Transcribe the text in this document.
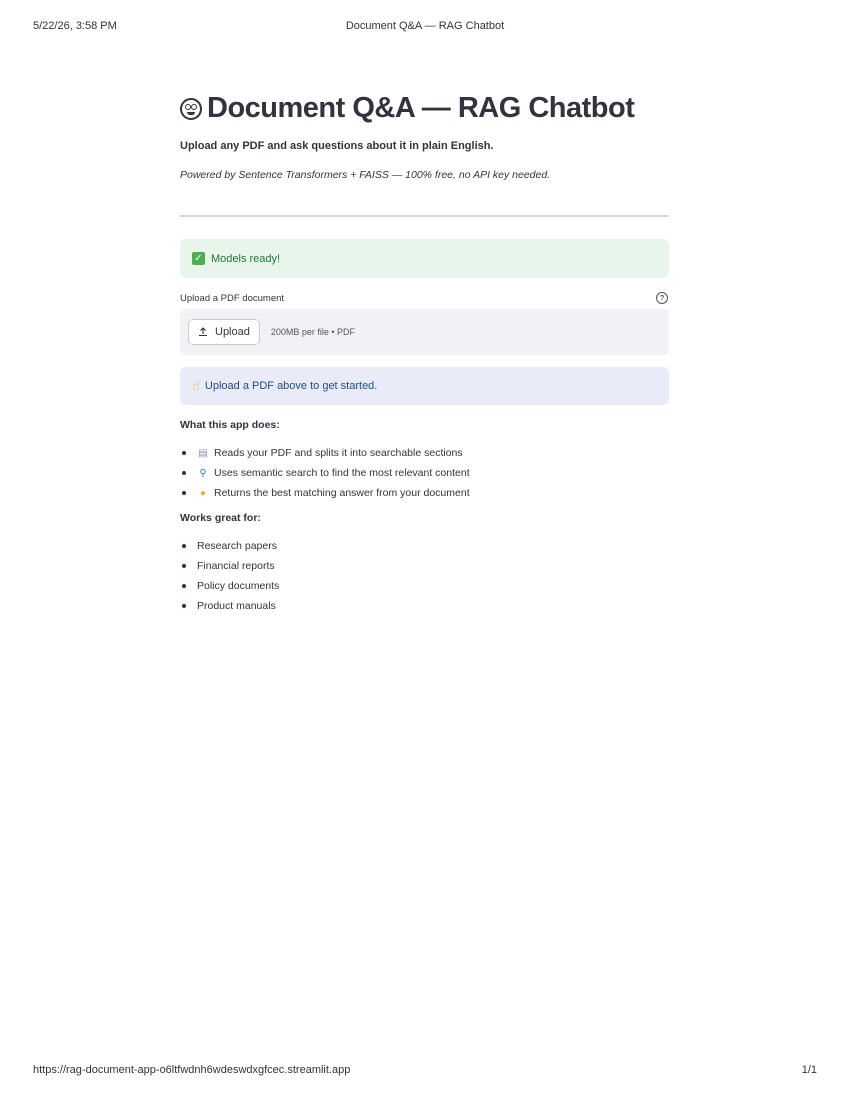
5/22/26, 3:58 PM	Document Q&A — RAG Chatbot
Document Q&A — RAG Chatbot
Upload any PDF and ask questions about it in plain English.
Powered by Sentence Transformers + FAISS — 100% free, no API key needed.
✓ Models ready!
Upload a PDF document	?
Upload 200MB per file • PDF
☝ Upload a PDF above to get started.
What this app does:
▤ Reads your PDF and splits it into searchable sections
⚲ Uses semantic search to find the most relevant content
● Returns the best matching answer from your document
Works great for:
Research papers
Financial reports
Policy documents
Product manuals
https://rag-document-app-o6ltfwdnh6wdeswdxgfcec.streamlit.app	1/1
